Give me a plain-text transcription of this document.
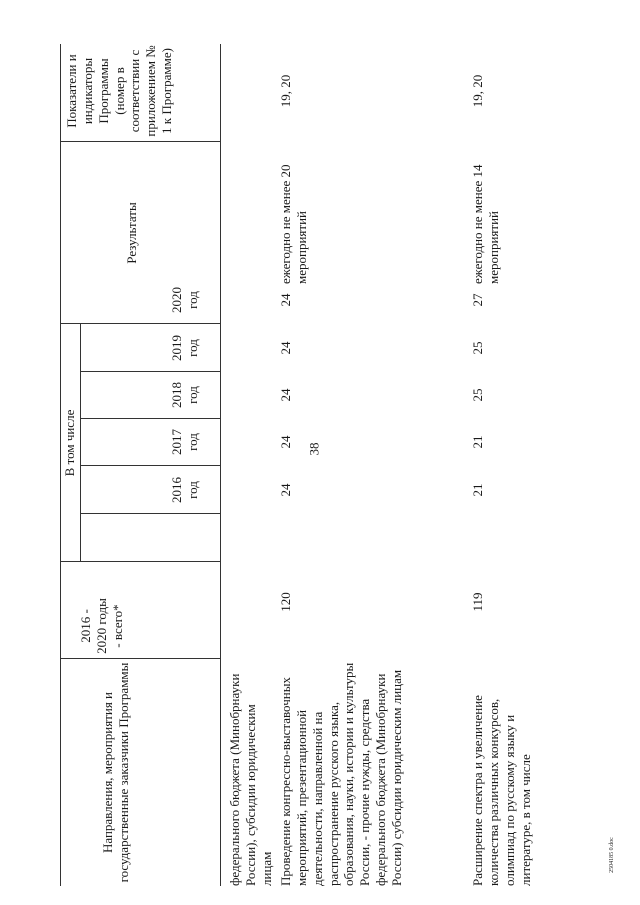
38
Направления, мероприятия и государственные заказчики Программы
2016 - 2020 годы - всего*
В том числе
2016 год
2017 год
2018 год
2019 год
2020 год
Результаты
Показатели и индикаторы Программы (номер в соответствии с приложением № 1 к Программе)
федерального бюджета (Минобрнауки России), субсидии юридическим лицам Проведение конгрессно-выставочных мероприятий, презентационной деятельности, направленной на распространение русского языка, образования, науки, истории и культуры России, - прочие нужды, средства федерального бюджета (Минобрнауки России) субсидии юридическим лицам
120
24
24
24
24
24
ежегодно не менее 20 мероприятий
19, 20
Расширение спектра и увеличение количества различных конкурсов, олимпиад по русскому языку и литературе, в том числе
119
21
21
25
25
27
ежегодно не менее 14 мероприятий
19, 20
2504185 0.doc
